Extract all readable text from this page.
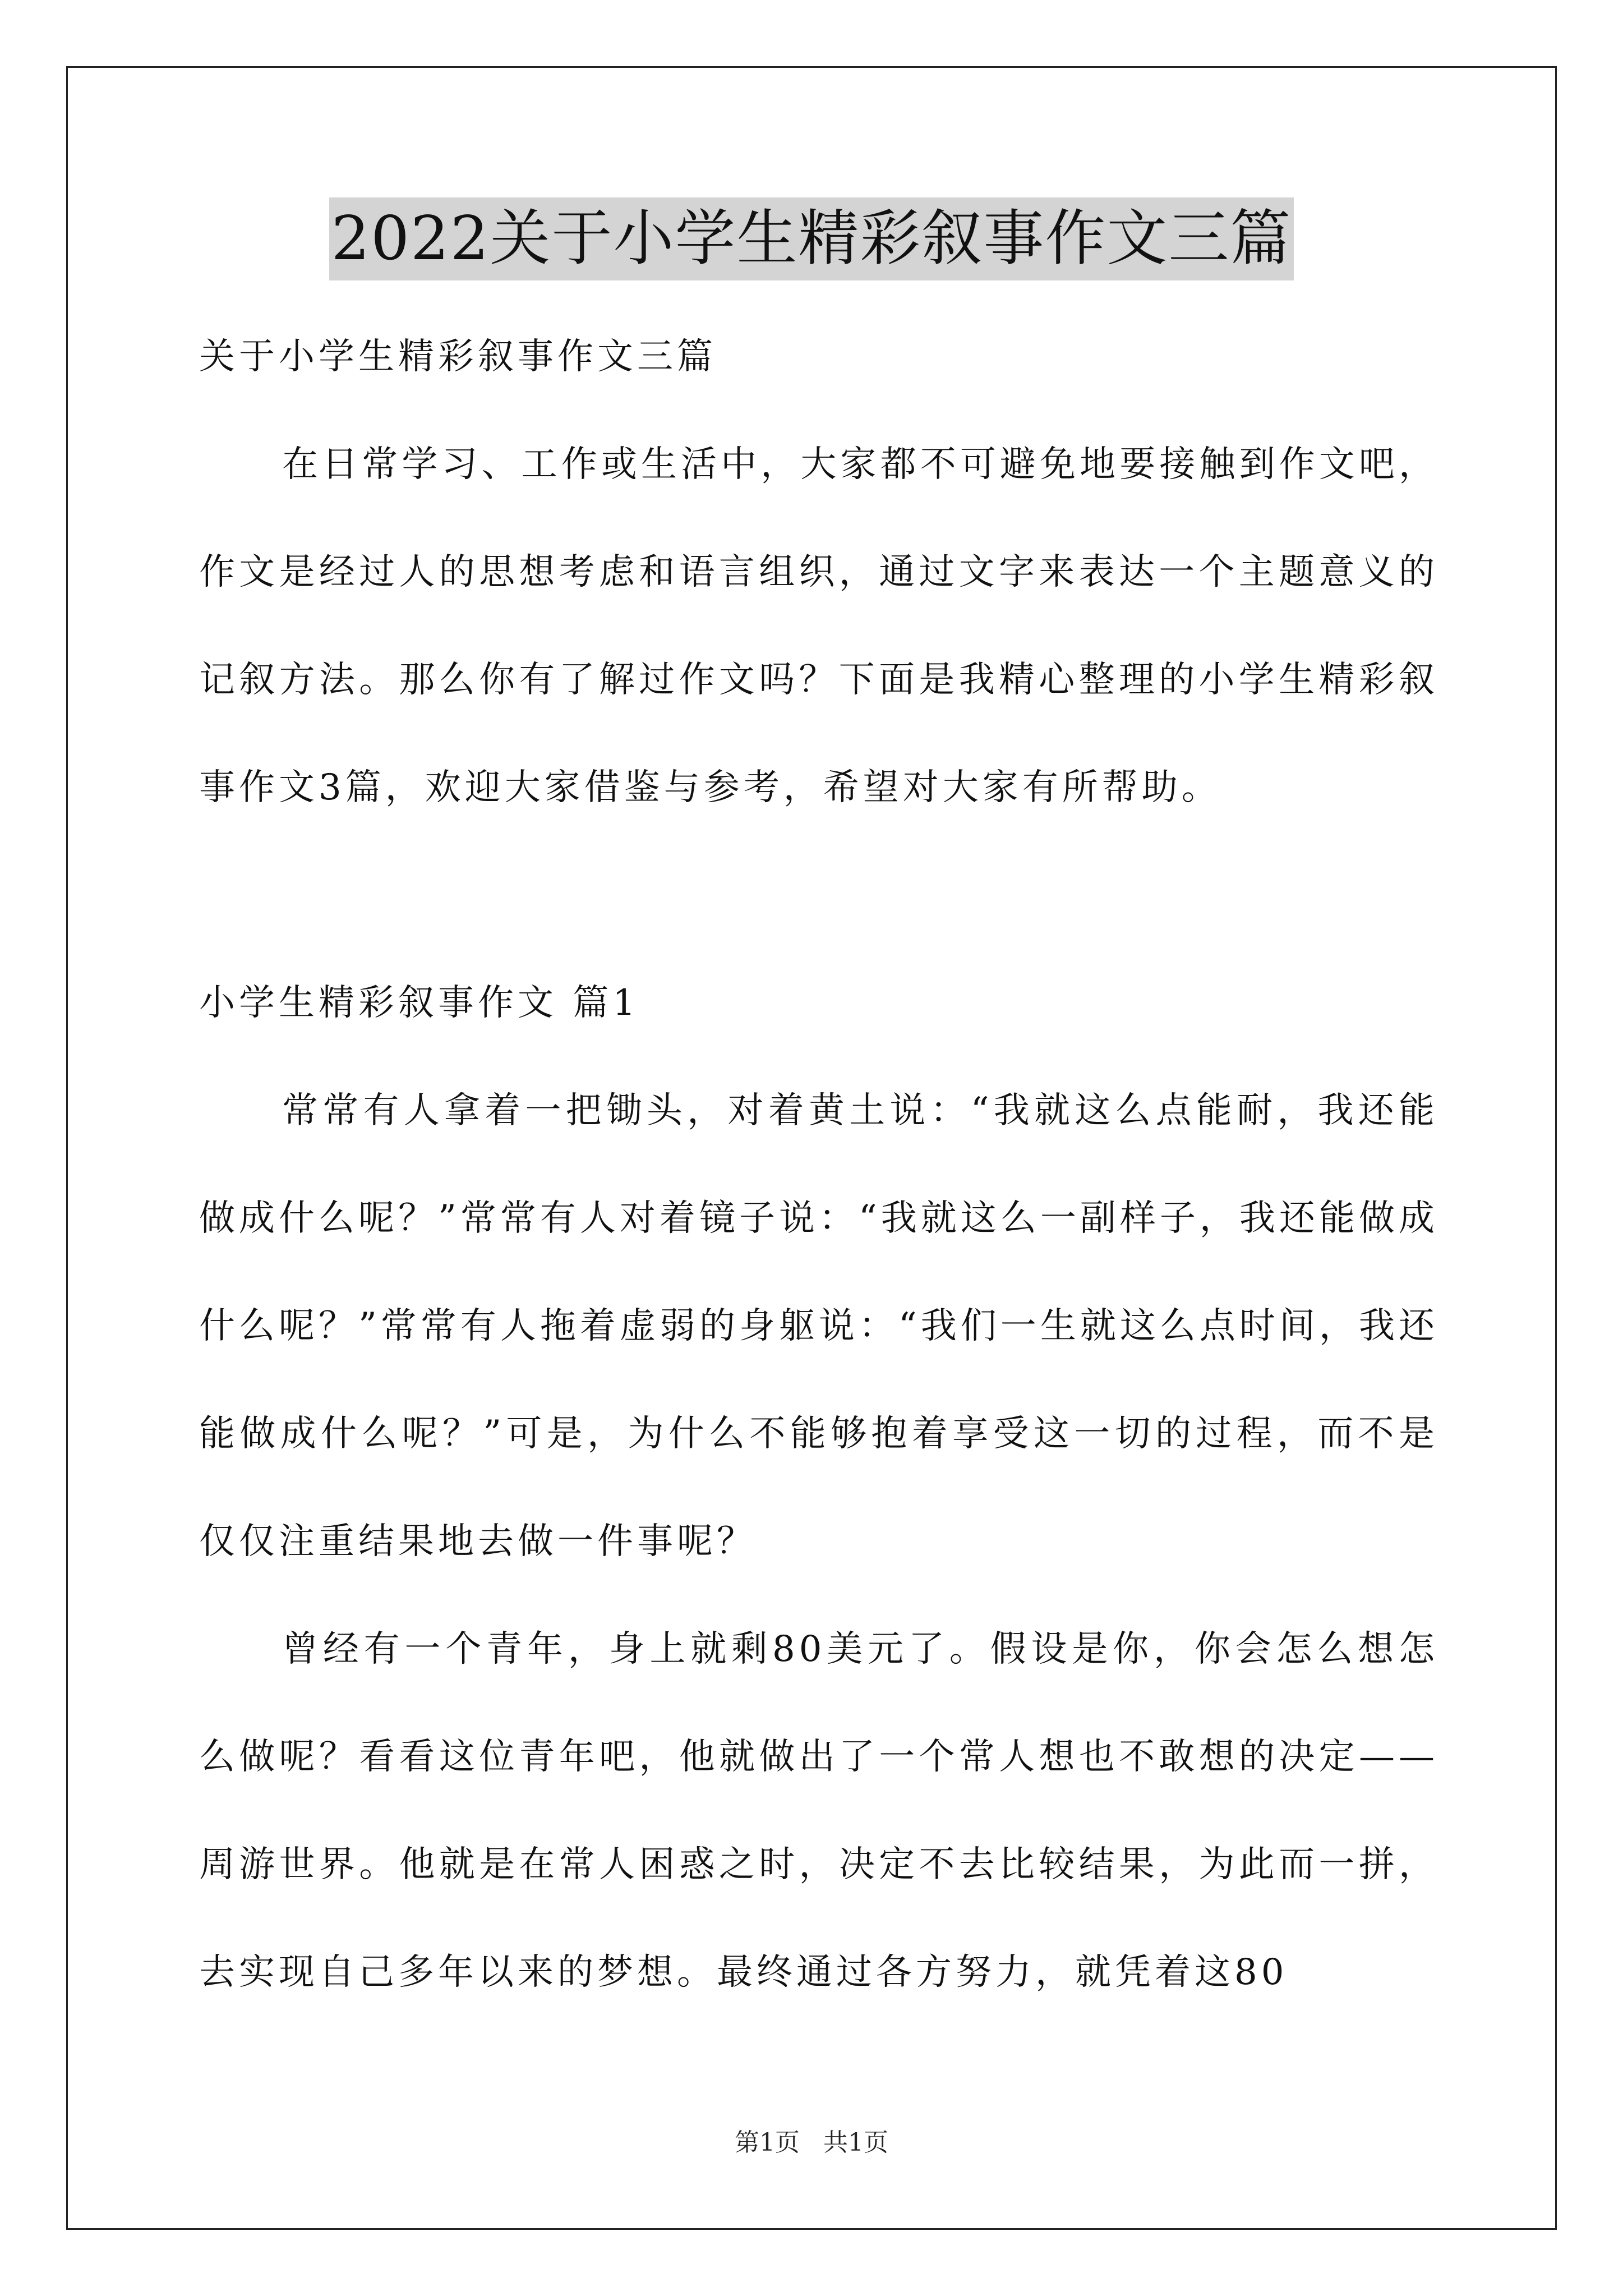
2022关于小学生精彩叙事作文三篇

关于小学生精彩叙事作文三篇

在日常学习、工作或生活中，大家都不可避免地要接触到作文吧，作文是经过人的思想考虑和语言组织，通过文字来表达一个主题意义的记叙方法。那么你有了解过作文吗？下面是我精心整理的小学生精彩叙事作文3篇，欢迎大家借鉴与参考，希望对大家有所帮助。

小学生精彩叙事作文 篇1

常常有人拿着一把锄头，对着黄土说：“我就这么点能耐，我还能做成什么呢？”常常有人对着镜子说：“我就这么一副样子，我还能做成什么呢？”常常有人拖着虚弱的身躯说：“我们一生就这么点时间，我还能做成什么呢？”可是，为什么不能够抱着享受这一切的过程，而不是仅仅注重结果地去做一件事呢？

曾经有一个青年，身上就剩80美元了。假设是你，你会怎么想怎么做呢？看看这位青年吧，他就做出了一个常人想也不敢想的决定——周游世界。他就是在常人困惑之时，决定不去比较结果，为此而一拼，去实现自己多年以来的梦想。最终通过各方努力，就凭着这80

第1页   共1页
